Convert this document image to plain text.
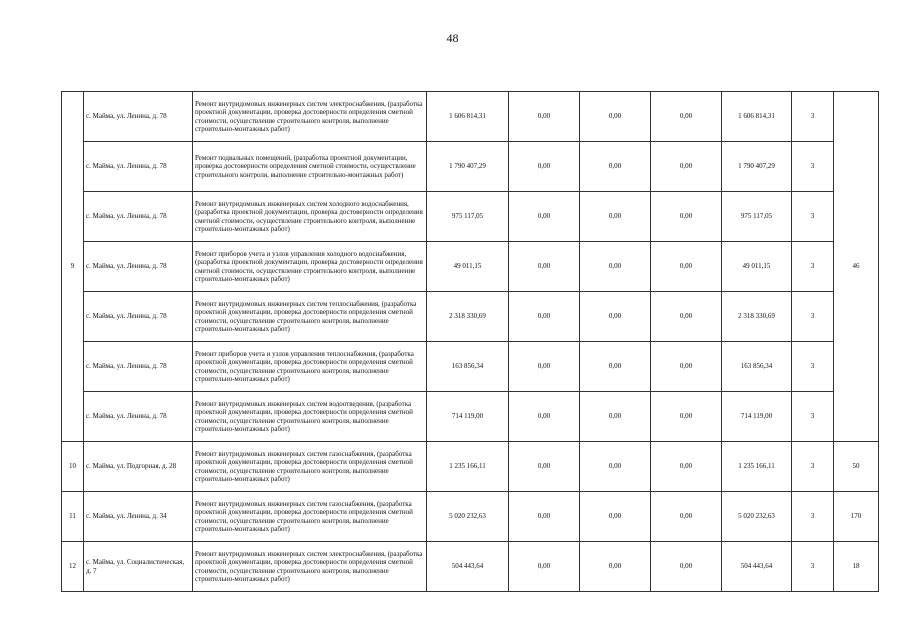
48
9	с. Майма, ул. Ленина, д. 78	Ремонт внутридомовых инженерных систем электроснабжения, (разработка проектной документации, проверка достоверности определения сметной стоимости, осуществление строительного контроля, выполнение строительно-монтажных работ)	1 606 814,31	0,00	0,00	0,00	1 606 814,31	3	46
	с. Майма, ул. Ленина, д. 78	Ремонт подвальных помещений, (разработка проектной документации, проверка достоверности определения сметной стоимости, осуществление строительного контроля, выполнение строительно-монтажных работ)	1 790 407,29	0,00	0,00	0,00	1 790 407,29	3	
	с. Майма, ул. Ленина, д. 78	Ремонт внутридомовых инженерных систем холодного водоснабжения, (разработка проектной документации, проверка достоверности определения сметной стоимости, осуществление строительного контроля, выполнение строительно-монтажных работ)	975 117,05	0,00	0,00	0,00	975 117,05	3	
	с. Майма, ул. Ленина, д. 78	Ремонт приборов учета и узлов управления холодного водоснабжения, (разработка проектной документации, проверка достоверности определения сметной стоимости, осуществление строительного контроля, выполнение строительно-монтажных работ)	49 011,15	0,00	0,00	0,00	49 011,15	3	
	с. Майма, ул. Ленина, д. 78	Ремонт внутридомовых инженерных систем теплоснабжения, (разработка проектной документации, проверка достоверности определения сметной стоимости, осуществление строительного контроля, выполнение строительно-монтажных работ)	2 318 330,69	0,00	0,00	0,00	2 318 330,69	3	
	с. Майма, ул. Ленина, д. 78	Ремонт приборов учета и узлов управления теплоснабжения, (разработка проектной документации, проверка достоверности определения сметной стоимости, осуществление строительного контроля, выполнение строительно-монтажных работ)	163 856,34	0,00	0,00	0,00	163 856,34	3	
	с. Майма, ул. Ленина, д. 78	Ремонт внутридомовых инженерных систем водоотведения, (разработка проектной документации, проверка достоверности определения сметной стоимости, осуществление строительного контроля, выполнение строительно-монтажных работ)	714 119,00	0,00	0,00	0,00	714 119,00	3	
10	с. Майма, ул. Подгорная, д. 28	Ремонт внутридомовых инженерных систем газоснабжения, (разработка проектной документации, проверка достоверности определения сметной стоимости, осуществление строительного контроля, выполнение строительно-монтажных работ)	1 235 166,11	0,00	0,00	0,00	1 235 166,11	3	50
11	с. Майма, ул. Ленина, д. 34	Ремонт внутридомовых инженерных систем газоснабжения, (разработка проектной документации, проверка достоверности определения сметной стоимости, осуществление строительного контроля, выполнение строительно-монтажных работ)	5 020 232,63	0,00	0,00	0,00	5 020 232,63	3	170
12	с. Майма, ул. Социалистическая, д. 7	Ремонт внутридомовых инженерных систем электроснабжения, (разработка проектной документации, проверка достоверности определения сметной стоимости, осуществление строительного контроля, выполнение строительно-монтажных работ)	504 443,64	0,00	0,00	0,00	504 443,64	3	18
